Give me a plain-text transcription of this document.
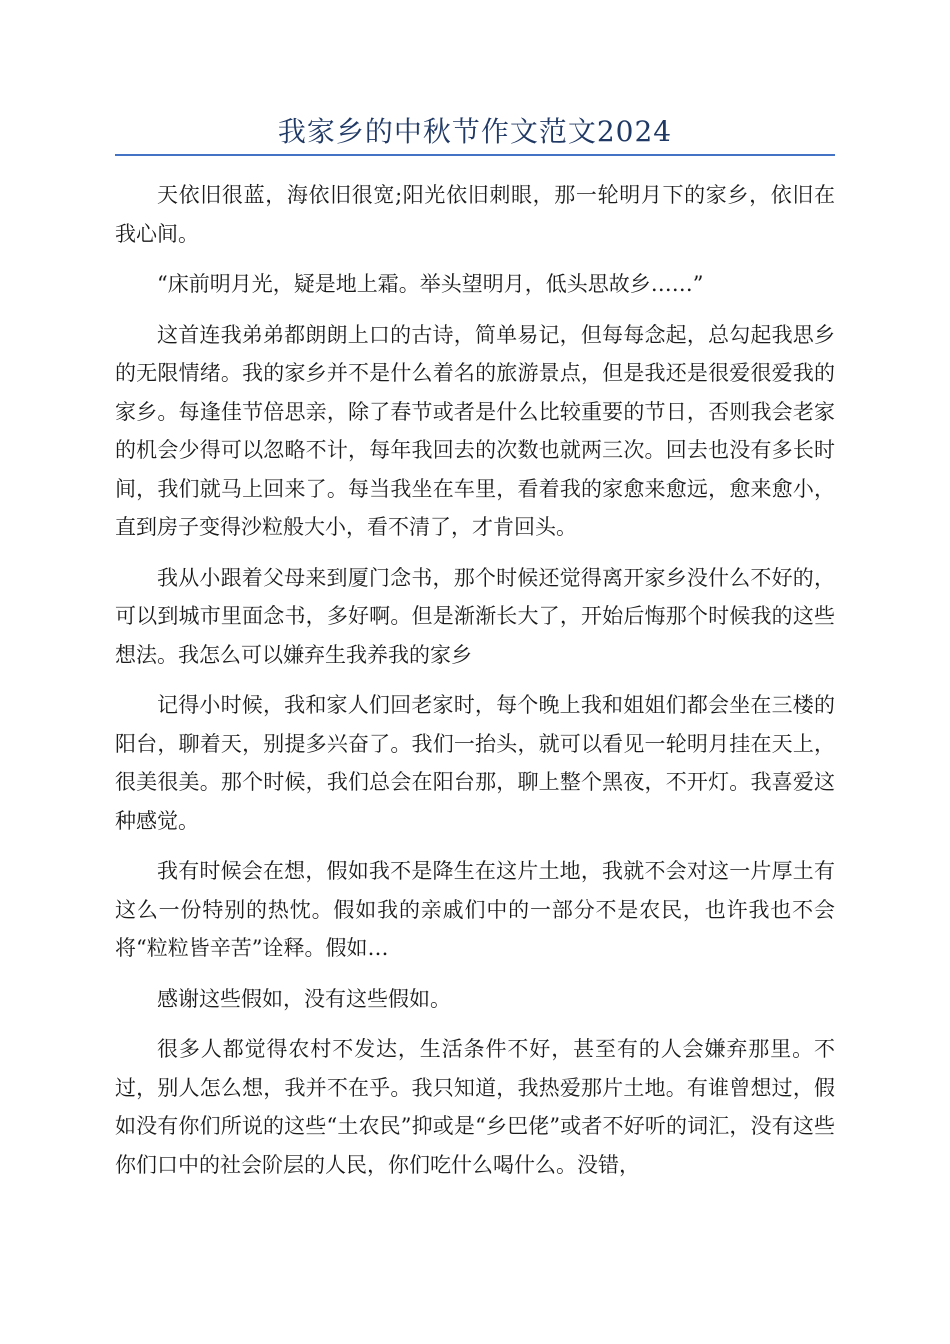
我家乡的中秋节作文范文2024

天依旧很蓝，海依旧很宽;阳光依旧刺眼，那一轮明月下的家乡，依旧在我心间。

“床前明月光，疑是地上霜。举头望明月，低头思故乡……”

这首连我弟弟都朗朗上口的古诗，简单易记，但每每念起，总勾起我思乡的无限情绪。我的家乡并不是什么着名的旅游景点，但是我还是很爱很爱我的家乡。每逢佳节倍思亲，除了春节或者是什么比较重要的节日，否则我会老家的机会少得可以忽略不计，每年我回去的次数也就两三次。回去也没有多长时间，我们就马上回来了。每当我坐在车里，看着我的家愈来愈远，愈来愈小，直到房子变得沙粒般大小，看不清了，才肯回头。

我从小跟着父母来到厦门念书，那个时候还觉得离开家乡没什么不好的，可以到城市里面念书，多好啊。但是渐渐长大了，开始后悔那个时候我的这些想法。我怎么可以嫌弃生我养我的家乡

记得小时候，我和家人们回老家时，每个晚上我和姐姐们都会坐在三楼的阳台，聊着天，别提多兴奋了。我们一抬头，就可以看见一轮明月挂在天上，很美很美。那个时候，我们总会在阳台那，聊上整个黑夜，不开灯。我喜爱这种感觉。

我有时候会在想，假如我不是降生在这片土地，我就不会对这一片厚土有这么一份特别的热忱。假如我的亲戚们中的一部分不是农民，也许我也不会将“粒粒皆辛苦”诠释。假如…

感谢这些假如，没有这些假如。

很多人都觉得农村不发达，生活条件不好，甚至有的人会嫌弃那里。不过，别人怎么想，我并不在乎。我只知道，我热爱那片土地。有谁曾想过，假如没有你们所说的这些“土农民”抑或是“乡巴佬”或者不好听的词汇，没有这些你们口中的社会阶层的人民，你们吃什么喝什么。没错，
